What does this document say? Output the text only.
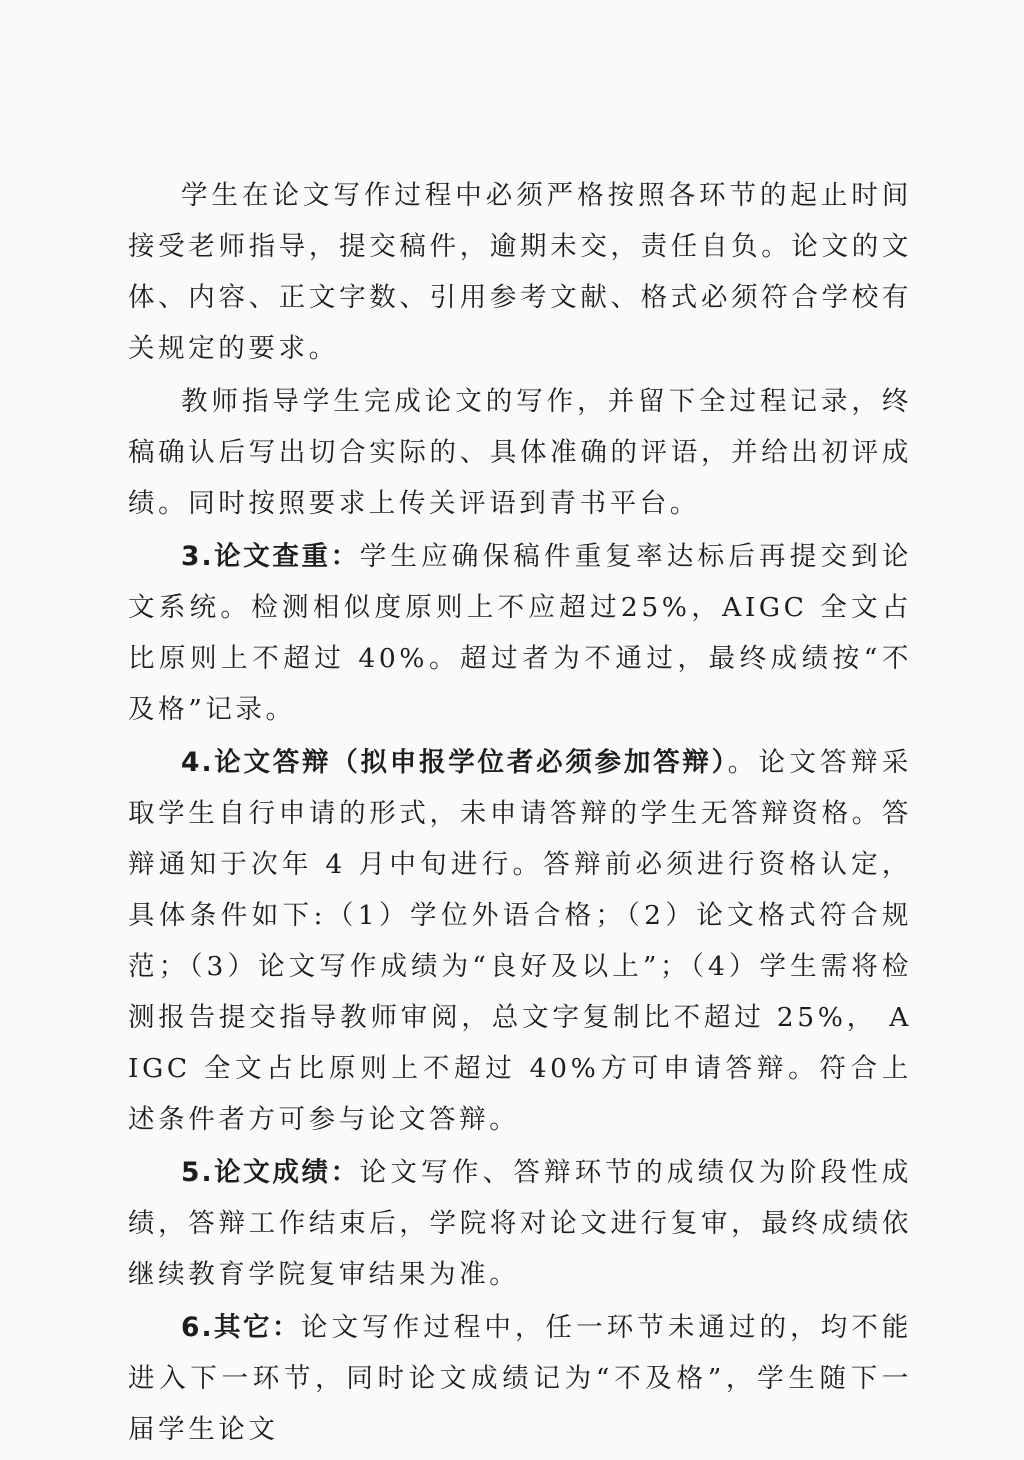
学生在论文写作过程中必须严格按照各环节的起止时间接受老师指导，提交稿件，逾期未交，责任自负。论文的文体、内容、正文字数、引用参考文献、格式必须符合学校有关规定的要求。

教师指导学生完成论文的写作，并留下全过程记录，终稿确认后写出切合实际的、具体准确的评语，并给出初评成绩。同时按照要求上传关评语到青书平台。

3.论文查重：学生应确保稿件重复率达标后再提交到论文系统。检测相似度原则上不应超过25%，AIGC 全文占比原则上不超过 40%。超过者为不通过，最终成绩按“不及格”记录。

4.论文答辩（拟申报学位者必须参加答辩）。论文答辩采取学生自行申请的形式，未申请答辩的学生无答辩资格。答辩通知于次年 4 月中旬进行。答辩前必须进行资格认定，具体条件如下:（1）学位外语合格；（2）论文格式符合规范；（3）论文写作成绩为“良好及以上”；（4）学生需将检测报告提交指导教师审阅，总文字复制比不超过 25%， AIGC 全文占比原则上不超过 40%方可申请答辩。符合上述条件者方可参与论文答辩。

5.论文成绩：论文写作、答辩环节的成绩仅为阶段性成绩，答辩工作结束后，学院将对论文进行复审，最终成绩依继续教育学院复审结果为准。

6.其它：论文写作过程中，任一环节未通过的，均不能进入下一环节，同时论文成绩记为“不及格”，学生随下一届学生论文
